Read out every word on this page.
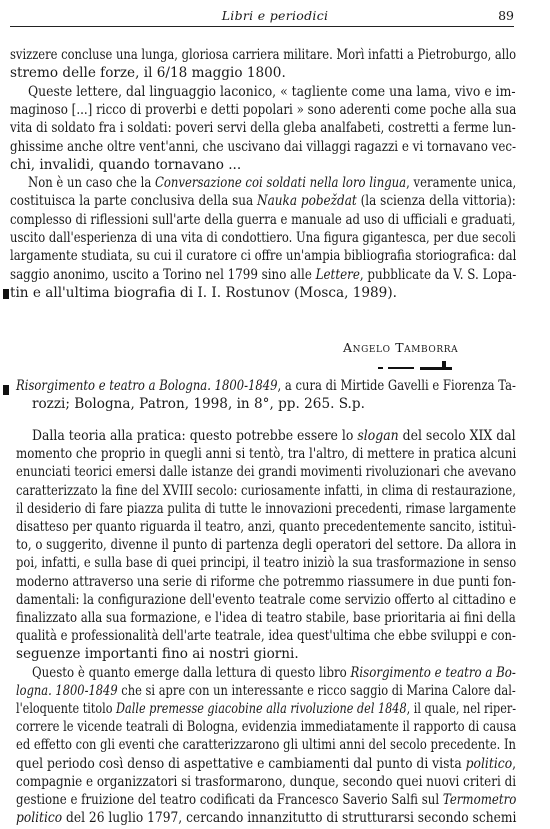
Libri e periodici	89
svizzere concluse una lunga, gloriosa carriera militare. Morì infatti a Pietroburgo, allo
stremo delle forze, il 6/18 maggio 1800.
Queste lettere, dal linguaggio laconico, « tagliente come una lama, vivo e im-
maginoso [...] ricco di proverbi e detti popolari » sono aderenti come poche alla sua
vita di soldato fra i soldati: poveri servi della gleba analfabeti, costretti a ferme lun-
ghissime anche oltre vent'anni, che uscivano dai villaggi ragazzi e vi tornavano vec-
chi, invalidi, quando tornavano ...
Non è un caso che la Conversazione coi soldati nella loro lingua, veramente unica,
costituisca la parte conclusiva della sua Nauka pobeždat (la scienza della vittoria):
complesso di riflessioni sull'arte della guerra e manuale ad uso di ufficiali e graduati,
uscito dall'esperienza di una vita di condottiero. Una figura gigantesca, per due secoli
largamente studiata, su cui il curatore ci offre un'ampia bibliografia storiografica: dal
saggio anonimo, uscito a Torino nel 1799 sino alle Lettere, pubblicate da V. S. Lopa-
tin e all'ultima biografia di I. I. Rostunov (Mosca, 1989).
Angelo Tamborra
Risorgimento e teatro a Bologna. 1800-1849, a cura di Mirtide Gavelli e Fiorenza Ta-
rozzi; Bologna, Patron, 1998, in 8°, pp. 265. S.p.
Dalla teoria alla pratica: questo potrebbe essere lo slogan del secolo XIX dal
momento che proprio in quegli anni si tentò, tra l'altro, di mettere in pratica alcuni
enunciati teorici emersi dalle istanze dei grandi movimenti rivoluzionari che avevano
caratterizzato la fine del XVIII secolo: curiosamente infatti, in clima di restaurazione,
il desiderio di fare piazza pulita di tutte le innovazioni precedenti, rimase largamente
disatteso per quanto riguarda il teatro, anzi, quanto precedentemente sancito, istituì-
to, o suggerito, divenne il punto di partenza degli operatori del settore. Da allora in
poi, infatti, e sulla base di quei principi, il teatro iniziò la sua trasformazione in senso
moderno attraverso una serie di riforme che potremmo riassumere in due punti fon-
damentali: la configurazione dell'evento teatrale come servizio offerto al cittadino e
finalizzato alla sua formazione, e l'idea di teatro stabile, base prioritaria ai fini della
qualità e professionalità dell'arte teatrale, idea quest'ultima che ebbe sviluppi e con-
seguenze importanti fino ai nostri giorni.
Questo è quanto emerge dalla lettura di questo libro Risorgimento e teatro a Bo-
logna. 1800-1849 che si apre con un interessante e ricco saggio di Marina Calore dal-
l'eloquente titolo Dalle premesse giacobine alla rivoluzione del 1848, il quale, nel riper-
correre le vicende teatrali di Bologna, evidenzia immediatamente il rapporto di causa
ed effetto con gli eventi che caratterizzarono gli ultimi anni del secolo precedente. In
quel periodo così denso di aspettative e cambiamenti dal punto di vista politico,
compagnie e organizzatori si trasformarono, dunque, secondo quei nuovi criteri di
gestione e fruizione del teatro codificati da Francesco Saverio Salfi sul Termometro
politico del 26 luglio 1797, cercando innanzitutto di strutturarsi secondo schemi
